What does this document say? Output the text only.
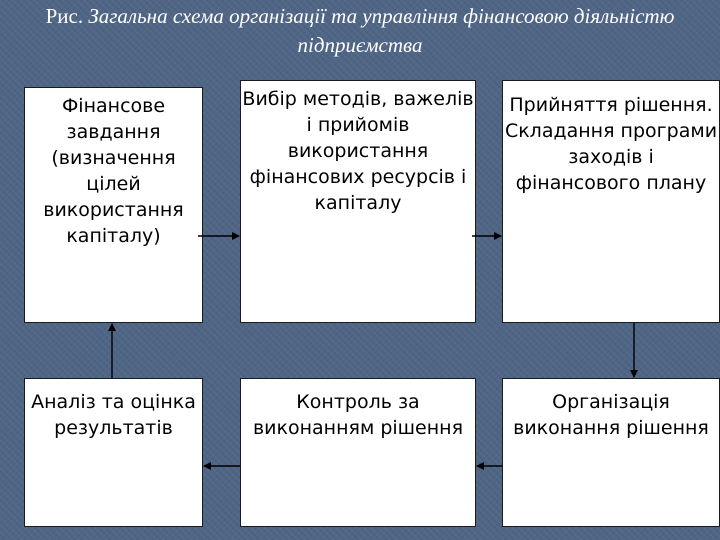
Рис. Загальна схема організації та управління фінансовою діяльністю підприємства
Фінансове завдання (визначення цілей використання капіталу)
Вибір методів, важелів і прийомів використання фінансових ресурсів і капіталу
Прийняття рішення. Складання програми заходів і фінансового плану
Аналіз та оцінка результатів
Контроль за виконанням рішення
Організація виконання рішення
